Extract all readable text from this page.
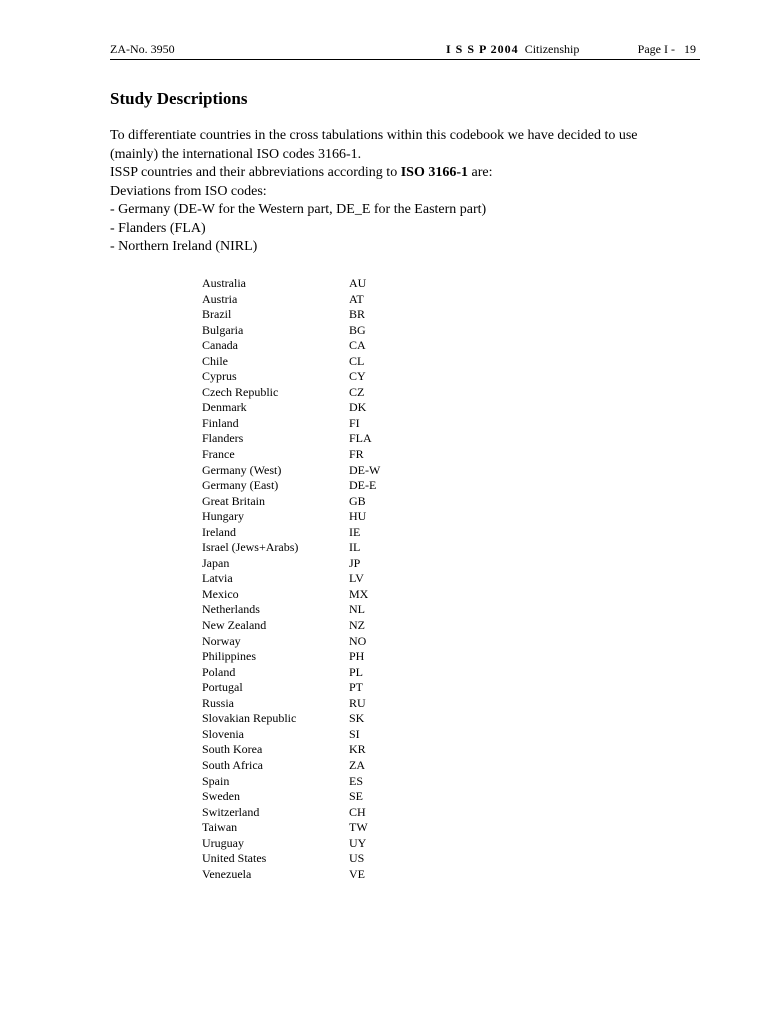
ZA-No. 3950	I S S P 2004 Citizenship	Page I -   19
Study Descriptions
To differentiate countries in the cross tabulations within this codebook we have decided to use
(mainly) the international ISO codes 3166-1.
ISSP countries and their abbreviations according to ISO 3166-1 are:
Deviations from ISO codes:
- Germany (DE-W for the Western part, DE_E for the Eastern part)
- Flanders (FLA)
- Northern Ireland (NIRL)
Australia	AU
Austria	AT
Brazil	BR
Bulgaria	BG
Canada	CA
Chile	CL
Cyprus	CY
Czech Republic	CZ
Denmark	DK
Finland	FI
Flanders	FLA
France	FR
Germany (West)	DE-W
Germany (East)	DE-E
Great Britain	GB
Hungary	HU
Ireland	IE
Israel (Jews+Arabs)	IL
Japan	JP
Latvia	LV
Mexico	MX
Netherlands	NL
New Zealand	NZ
Norway	NO
Philippines	PH
Poland	PL
Portugal	PT
Russia	RU
Slovakian Republic	SK
Slovenia	SI
South Korea	KR
South Africa	ZA
Spain	ES
Sweden	SE
Switzerland	CH
Taiwan	TW
Uruguay	UY
United States	US
Venezuela	VE
